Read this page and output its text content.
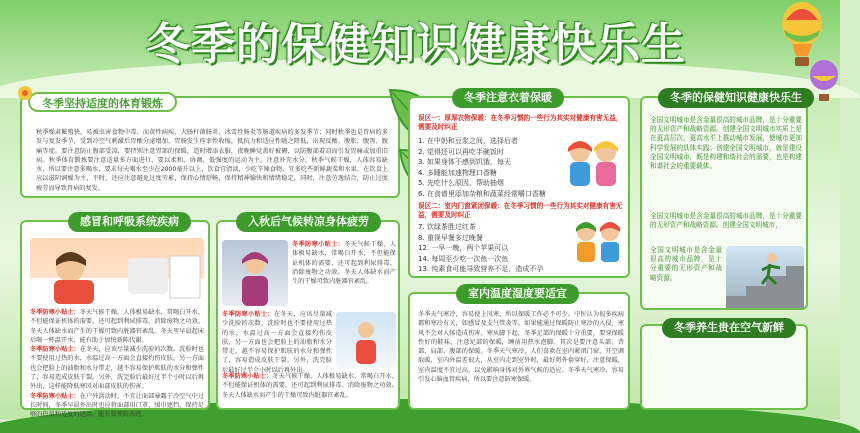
冬季的保健知识健康快乐生
秋季燥肃繁殖快，易被虫害食物中毒。而黄性病疾、大肠杆菌肠炎、冰雪性肠炎等肠道疾病的多发季节；同时秋季也是胃病的多发与复发季节，受到冷空气刺激后胃酸分泌增加，胃肠发生痉挛性收缩，抵抗力和适应性随之降低，出现反酸、腹胀、腹泻、腹痛等症。要注意防止腹部受凉，要特别注意胃部的保暖，适时增添衣服，夜晚睡觉盖好被褥，以防腹部着凉而引发胃痛或加重旧病。秋季体育锻炼要注意适量多方面进行，要以柔和、协调、低强度的运动为主。注意补充水分，秋季气候干燥，人体容易缺水，所以要注意多喝水，要求每天喝水至少在2000毫升以上，饮食宜清淡，少吃辛辣食物，宜多吃些新鲜蔬菜和水果，在饮食上应以滋阴润燥为主，平时，还应注意避免过度劳累，保持心情舒畅，保持精神愉快和情绪稳定，同时，注意劳逸结合，防止过度疲劳而导致胃病的复发。
冬季坚持适度的体育锻炼
冬季防寒小贴士：冬天气候干燥，人体极易缺水，常喝白开水，不但能保证机体的需要，还可起到利尿排毒、消除废物之功效。冬天人体缺水而产生的干燥可致内脏器官紊乱。冬天里早晨起床后喝一杯温开水，能有助于加快新陈代谢。
冬季防寒小贴士：在冬天，应该尽量减少洗脸的次数。洗脸时也不要使用过热的水，水温过高一方面会直接灼伤皮肤，另一方面也会把脸上的油脂和水分带走，越不容易保护肌肤的水分和弹性了，容易造成皮肤干裂。另外，洗完脸后最好过半个小时以后再外出，这样能降低寒风对面部皮肤的伤害。
冬季防寒小贴士：在户外活动时，不宜让面部暴露于冷空气中过长时间，冬季早晨外出时也应将面部用口罩、围巾遮挡。保持足够的热量和适度的运动，能有效预防冻疮。
感冒和呼吸系统疾病
冬季防寒小贴士：冬天气候干燥，人体极易缺水，常喝白开水，不但能保证机体的需要，还可起到利尿排毒、消除废物之功效。冬天人体缺水而产生的干燥可致内脏器官紊乱。
冬季防寒小贴士：在冬天，应该尽量减少洗脸的次数。洗脸时也不要使用过热的水，水温过高一方面会直接灼伤皮肤，另一方面也会把脸上的油脂和水分带走，越不容易保护肌肤的水分和弹性了，容易造成皮肤干裂。另外，洗完脸后最好过半个小时以后再外出。
冬季防寒小贴士：冬天气候干燥，人体极易缺水，常喝白开水，不但能保证机体的需要，还可起到利尿排毒、消除废物之功效。冬天人体缺水而产生的干燥可致内脏器官紊乱。
入秋后气候转凉身体疲劳
误区一：厚厚衣物保暖：在冬季习惯的一些行为其实对健康有害无益，需要及时纠正
1. 在中奶和豆浆之间，选择后者
2. 觉得还可以再吃半碗饭时
3. 如果身体不感到饥饿，每天
4. 多睡能加速物理口香糖
5. 先吃什么原因，帮助抽烟
6. 在食谱里添加杂粮和蔬菜经常嚼口香糖
误区二：室内门窗紧闭保暖：在冬季习惯的一些行为其实对健康有害无益，需要及时纠正
7. 饮绿茶胜过红茶
8. 重视早餐多过晚餐
12. 一早一晚，两个苹果可以
14. 每周至少吃一次鱼一次鱼
13. 纯素食可能导致营养不足，造成不孕
冬季注意衣着保暖
冬季天气寒冷，容易使上风寒，所以保暖工作必不可少。中医认为很多疾病都和寒冷有关，如感冒及支气管炎等。如果能通过保暖防止寒冷的入侵，寒风不会对人体造成伤害。寒从脚下起，冬季足部的保暖十分重要，要穿保暖性好的鞋袜，注意足部的保暖，睡前用热水泡脚。其次是要注意头部、背部、肩部、腹部的保暖。冬季天气寒冷，人们喜欢在室内紧闭门窗，开空调取暖，室内外温差很大，从室内走到室外时，最好将外套穿好，注意保暖，室内温度不宜过高，以免影响身体对外界气候的适应。冬季天气寒冷，容易引发心脑血管疾病，所以要注意防寒保暖。
室内温度湿度要适宜
全国文明城市是含金量很高的城市品牌，是十分重要的无形资产和战略资源。创建全国文明城市实质上是在更高层次、更高水平上推动城市发展，使城市更加科学发展的具体实践；创建全国文明城市，就是建设全国文明城市，既是构建和谐社会的需要，也是构建和谐社会的重要载体。
全国文明城市是含金量很高的城市品牌，是十分重要的无形资产和战略资源。创建全国文明城市，
全国文明城市是含金量很高的城市品牌，是十分重要的无形资产和战略资源。
冬季的保健知识健康快乐生
冬季养生贵在空气新鲜
